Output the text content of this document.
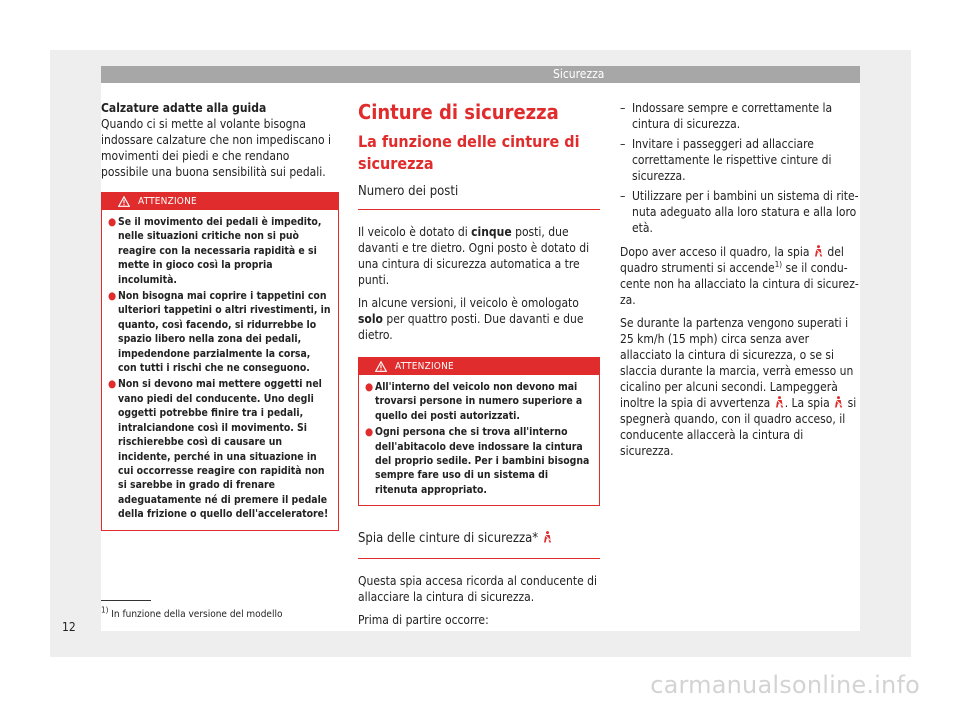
Sicurezza
Calzature adatte alla guida

Quando ci si mette al volante bisogna indossare calzature che non impediscano i movimenti dei piedi e che rendano possibile una buona sensibilità sui pedali.

ATTENZIONE
● Se il movimento dei pedali è impedito, nelle situazioni critiche non si può reagire con la necessaria rapidità e si mette in gioco così la propria incolumità.
● Non bisogna mai coprire i tappetini con ulteriori tappetini o altri rivestimenti, in quanto, così facendo, si ridurrebbe lo spazio libero nella zona dei pedali, impedendone parzialmente la corsa, con tutti i rischi che ne conseguono.
● Non si devono mai mettere oggetti nel vano piedi del conducente. Uno degli oggetti potrebbe finire tra i pedali, intralciandone così il movimento. Si rischierebbe così di causare un incidente, perché in una situazione in cui occorresse reagire con rapidità non si sarebbe in grado di frenare adeguatamente né di premere il pedale della frizione o quello dell'acceleratore!
Cinture di sicurezza
La funzione delle cinture di sicurezza
Numero dei posti

Il veicolo è dotato di cinque posti, due davanti e tre dietro. Ogni posto è dotato di una cintura di sicurezza automatica a tre punti.

In alcune versioni, il veicolo è omologato solo per quattro posti. Due davanti e due dietro.

ATTENZIONE
● All'interno del veicolo non devono mai trovarsi persone in numero superiore a quello dei posti autorizzati.
● Ogni persona che si trova all'interno dell'abitacolo deve indossare la cintura del proprio sedile. Per i bambini bisogna sempre fare uso di un sistema di ritenuta appropriato.
Spia delle cinture di sicurezza*

Questa spia accesa ricorda al conducente di allacciare la cintura di sicurezza.

Prima di partire occorre:

– Indossare sempre e correttamente la cintura di sicurezza.
– Invitare i passeggeri ad allacciare correttamente le rispettive cinture di sicurezza.
– Utilizzare per i bambini un sistema di ritenuta adeguato alla loro statura e alla loro età.

Dopo aver acceso il quadro, la spia del quadro strumenti si accende$^{1)}$ se il conducente non ha allacciato la cintura di sicurezza.

Se durante la partenza vengono superati i 25 km/h (15 mph) circa senza aver allacciato la cintura di sicurezza, o se si slaccia durante la marcia, verrà emesso un cicalino per alcuni secondi. Lampeggerà inoltre la spia di avvertenza . La spia si spegnerà quando, con il quadro acceso, il conducente allaccerà la cintura di sicurezza.

$^{1)}$ In funzione della versione del modello
12
carmanualsonline.info
